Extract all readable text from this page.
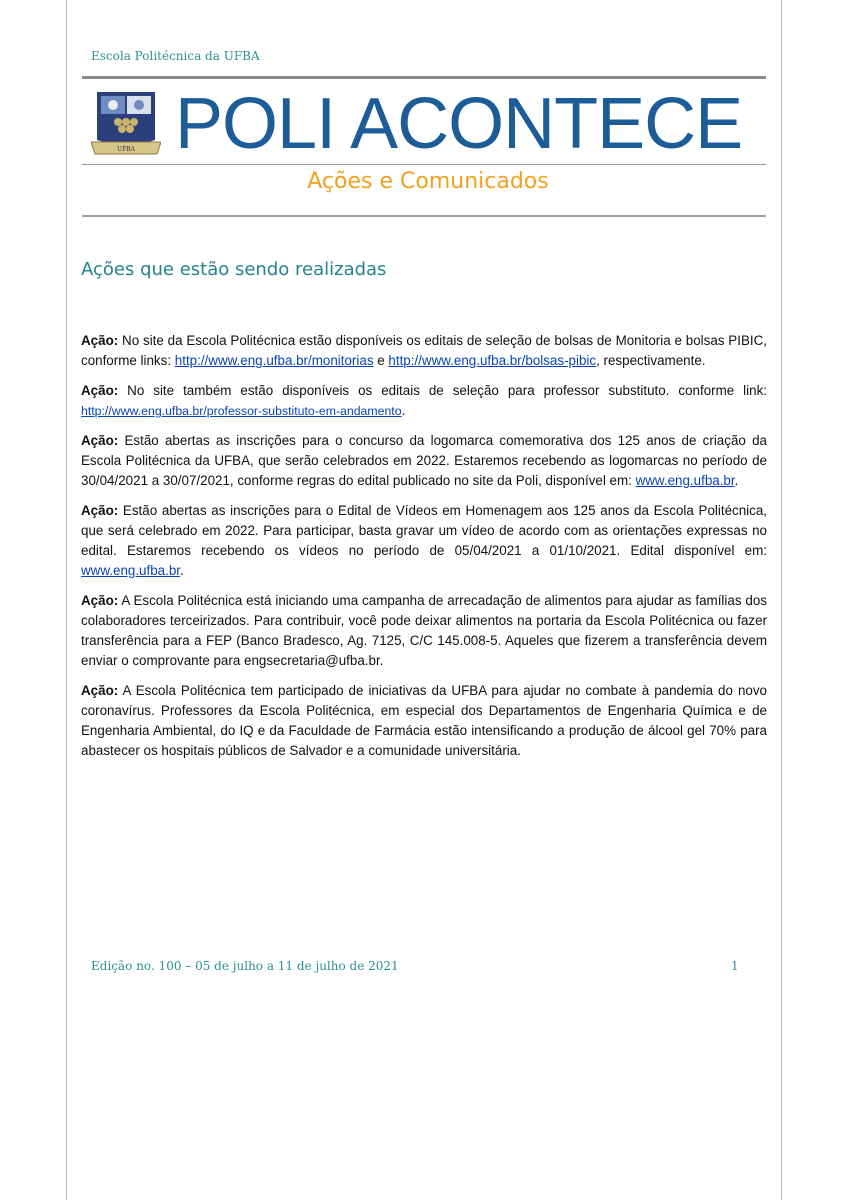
Escola Politécnica da UFBA
UFBA POLI ACONTECE
Ações e Comunicados
Ações que estão sendo realizadas

Ação: No site da Escola Politécnica estão disponíveis os editais de seleção de bolsas de Monitoria e bolsas PIBIC, conforme links: http://www.eng.ufba.br/monitorias e http://www.eng.ufba.br/bolsas-pibic, respectivamente.

Ação: No site também estão disponíveis os editais de seleção para professor substituto. conforme link: http://www.eng.ufba.br/professor-substituto-em-andamento.

Ação: Estão abertas as inscrições para o concurso da logomarca comemorativa dos 125 anos de criação da Escola Politécnica da UFBA, que serão celebrados em 2022. Estaremos recebendo as logomarcas no período de 30/04/2021 a 30/07/2021, conforme regras do edital publicado no site da Poli, disponível em: www.eng.ufba.br.

Ação: Estão abertas as inscrições para o Edital de Vídeos em Homenagem aos 125 anos da Escola Politécnica, que será celebrado em 2022. Para participar, basta gravar um vídeo de acordo com as orientações expressas no edital. Estaremos recebendo os vídeos no período de 05/04/2021 a 01/10/2021. Edital disponível em: www.eng.ufba.br.

Ação: A Escola Politécnica está iniciando uma campanha de arrecadação de alimentos para ajudar as famílias dos colaboradores terceirizados. Para contribuir, você pode deixar alimentos na portaria da Escola Politécnica ou fazer transferência para a FEP (Banco Bradesco, Ag. 7125, C/C 145.008-5. Aqueles que fizerem a transferência devem enviar o comprovante para engsecretaria@ufba.br.

Ação: A Escola Politécnica tem participado de iniciativas da UFBA para ajudar no combate à pandemia do novo coronavírus. Professores da Escola Politécnica, em especial dos Departamentos de Engenharia Química e de Engenharia Ambiental, do IQ e da Faculdade de Farmácia estão intensificando a produção de álcool gel 70% para abastecer os hospitais públicos de Salvador e a comunidade universitária.

Edição no. 100 – 05 de julho a 11 de julho de 2021	1
